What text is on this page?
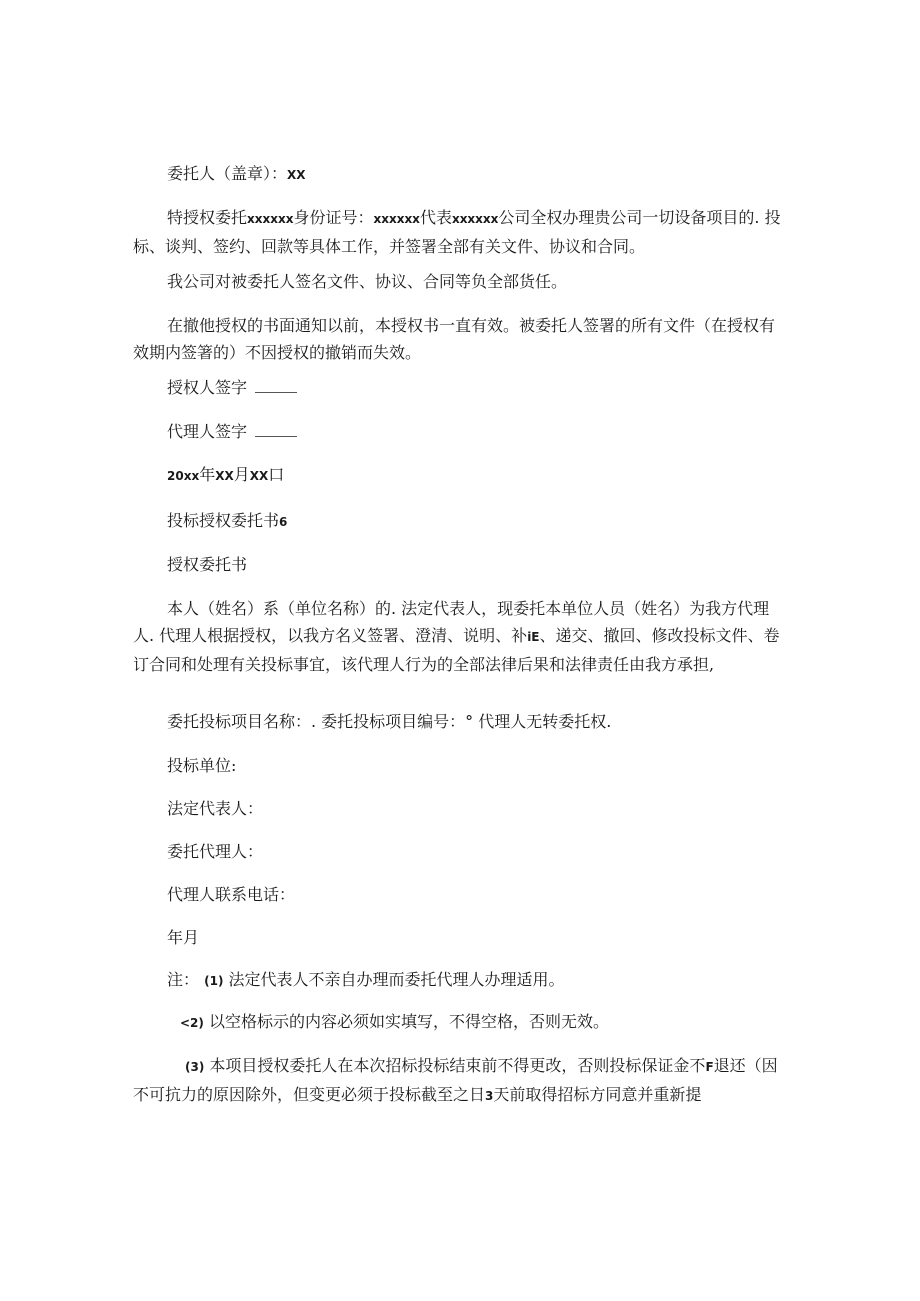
委托人（盖章）：XX

特授权委托xxxxxx身份证号：xxxxxx代表xxxxxx公司全权办理贵公司一切设备项目的. 投标、谈判、签约、回款等具体工作，并签署全部有关文件、协议和合同。

我公司对被委托人签名文件、协议、合同等负全部货任。

在撤他授权的书面通知以前，本授权书一直有效。被委托人签署的所有文件（在授权有效期内签箸的）不因授权的撤销而失效。

授权人签字

代理人签字

20xx年XX月XX口

投标授权委托书6

授权委托书

本人（姓名）系（单位名称）的. 法定代表人，现委托本单位人员（姓名）为我方代理人. 代理人根据授权，以我方名义签署、澄清、说明、补iE、递交、撤回、修改投标文件、卷订合同和处理有关投标事宜，该代理人行为的全部法律后果和法律责任由我方承担,

委托投标项目名称：. 委托投标项目编号：° 代理人无转委托权.

投标单位:

法定代表人：

委托代理人：

代理人联系电话：

年月

注： (1) 法定代表人不亲自办理而委托代理人办理适用。

<2) 以空格标示的内容必须如实填写，不得空格，否则无效。

(3) 本项目授权委托人在本次招标投标结束前不得更改，否则投标保证金不F退还（因不可抗力的原因除外，但变更必须于投标截至之日3天前取得招标方同意并重新提
